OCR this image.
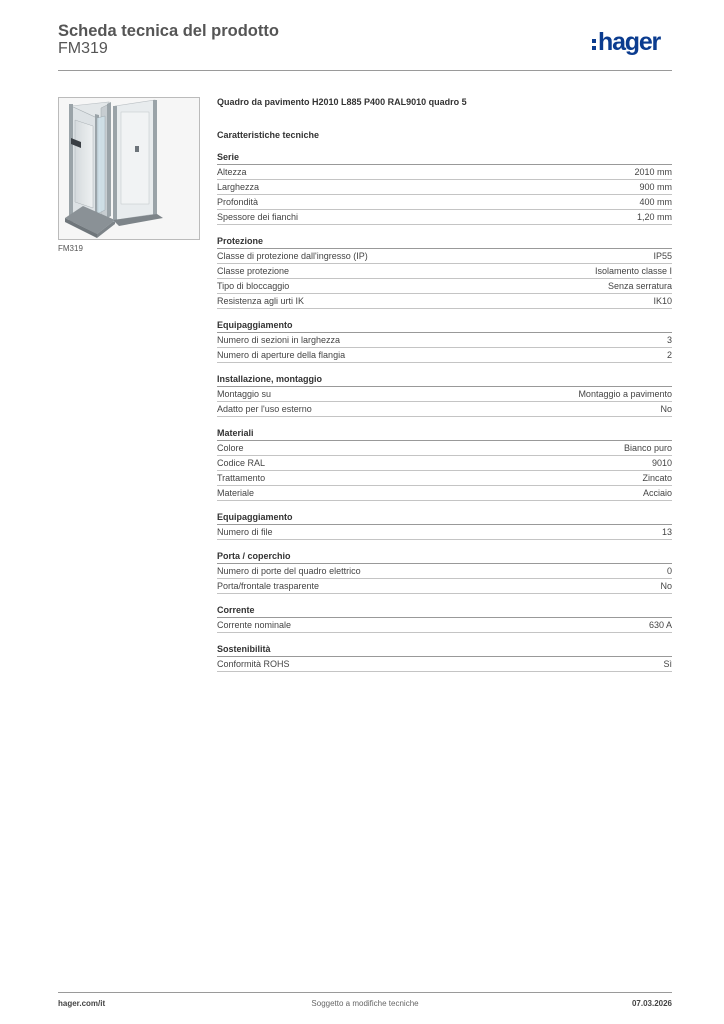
Scheda tecnica del prodotto
FM319	hager
FM319
Quadro da pavimento H2010 L885 P400 RAL9010 quadro 5
Caratteristiche tecniche
Serie
Altezza	2010 mm
Larghezza	900 mm
Profondità	400 mm
Spessore dei fianchi	1,20 mm
Protezione
Classe di protezione dall'ingresso (IP)	IP55
Classe protezione	Isolamento classe I
Tipo di bloccaggio	Senza serratura
Resistenza agli urti IK	IK10
Equipaggiamento
Numero di sezioni in larghezza	3
Numero di aperture della flangia	2
Installazione, montaggio
Montaggio su	Montaggio a pavimento
Adatto per l'uso esterno	No
Materiali
Colore	Bianco puro
Codice RAL	9010
Trattamento	Zincato
Materiale	Acciaio
Equipaggiamento
Numero di file	13
Porta / coperchio
Numero di porte del quadro elettrico	0
Porta/frontale trasparente	No
Corrente
Corrente nominale	630 A
Sostenibilità
Conformità ROHS	Sì
hager.com/it	Soggetto a modifiche tecniche	07.03.2026
